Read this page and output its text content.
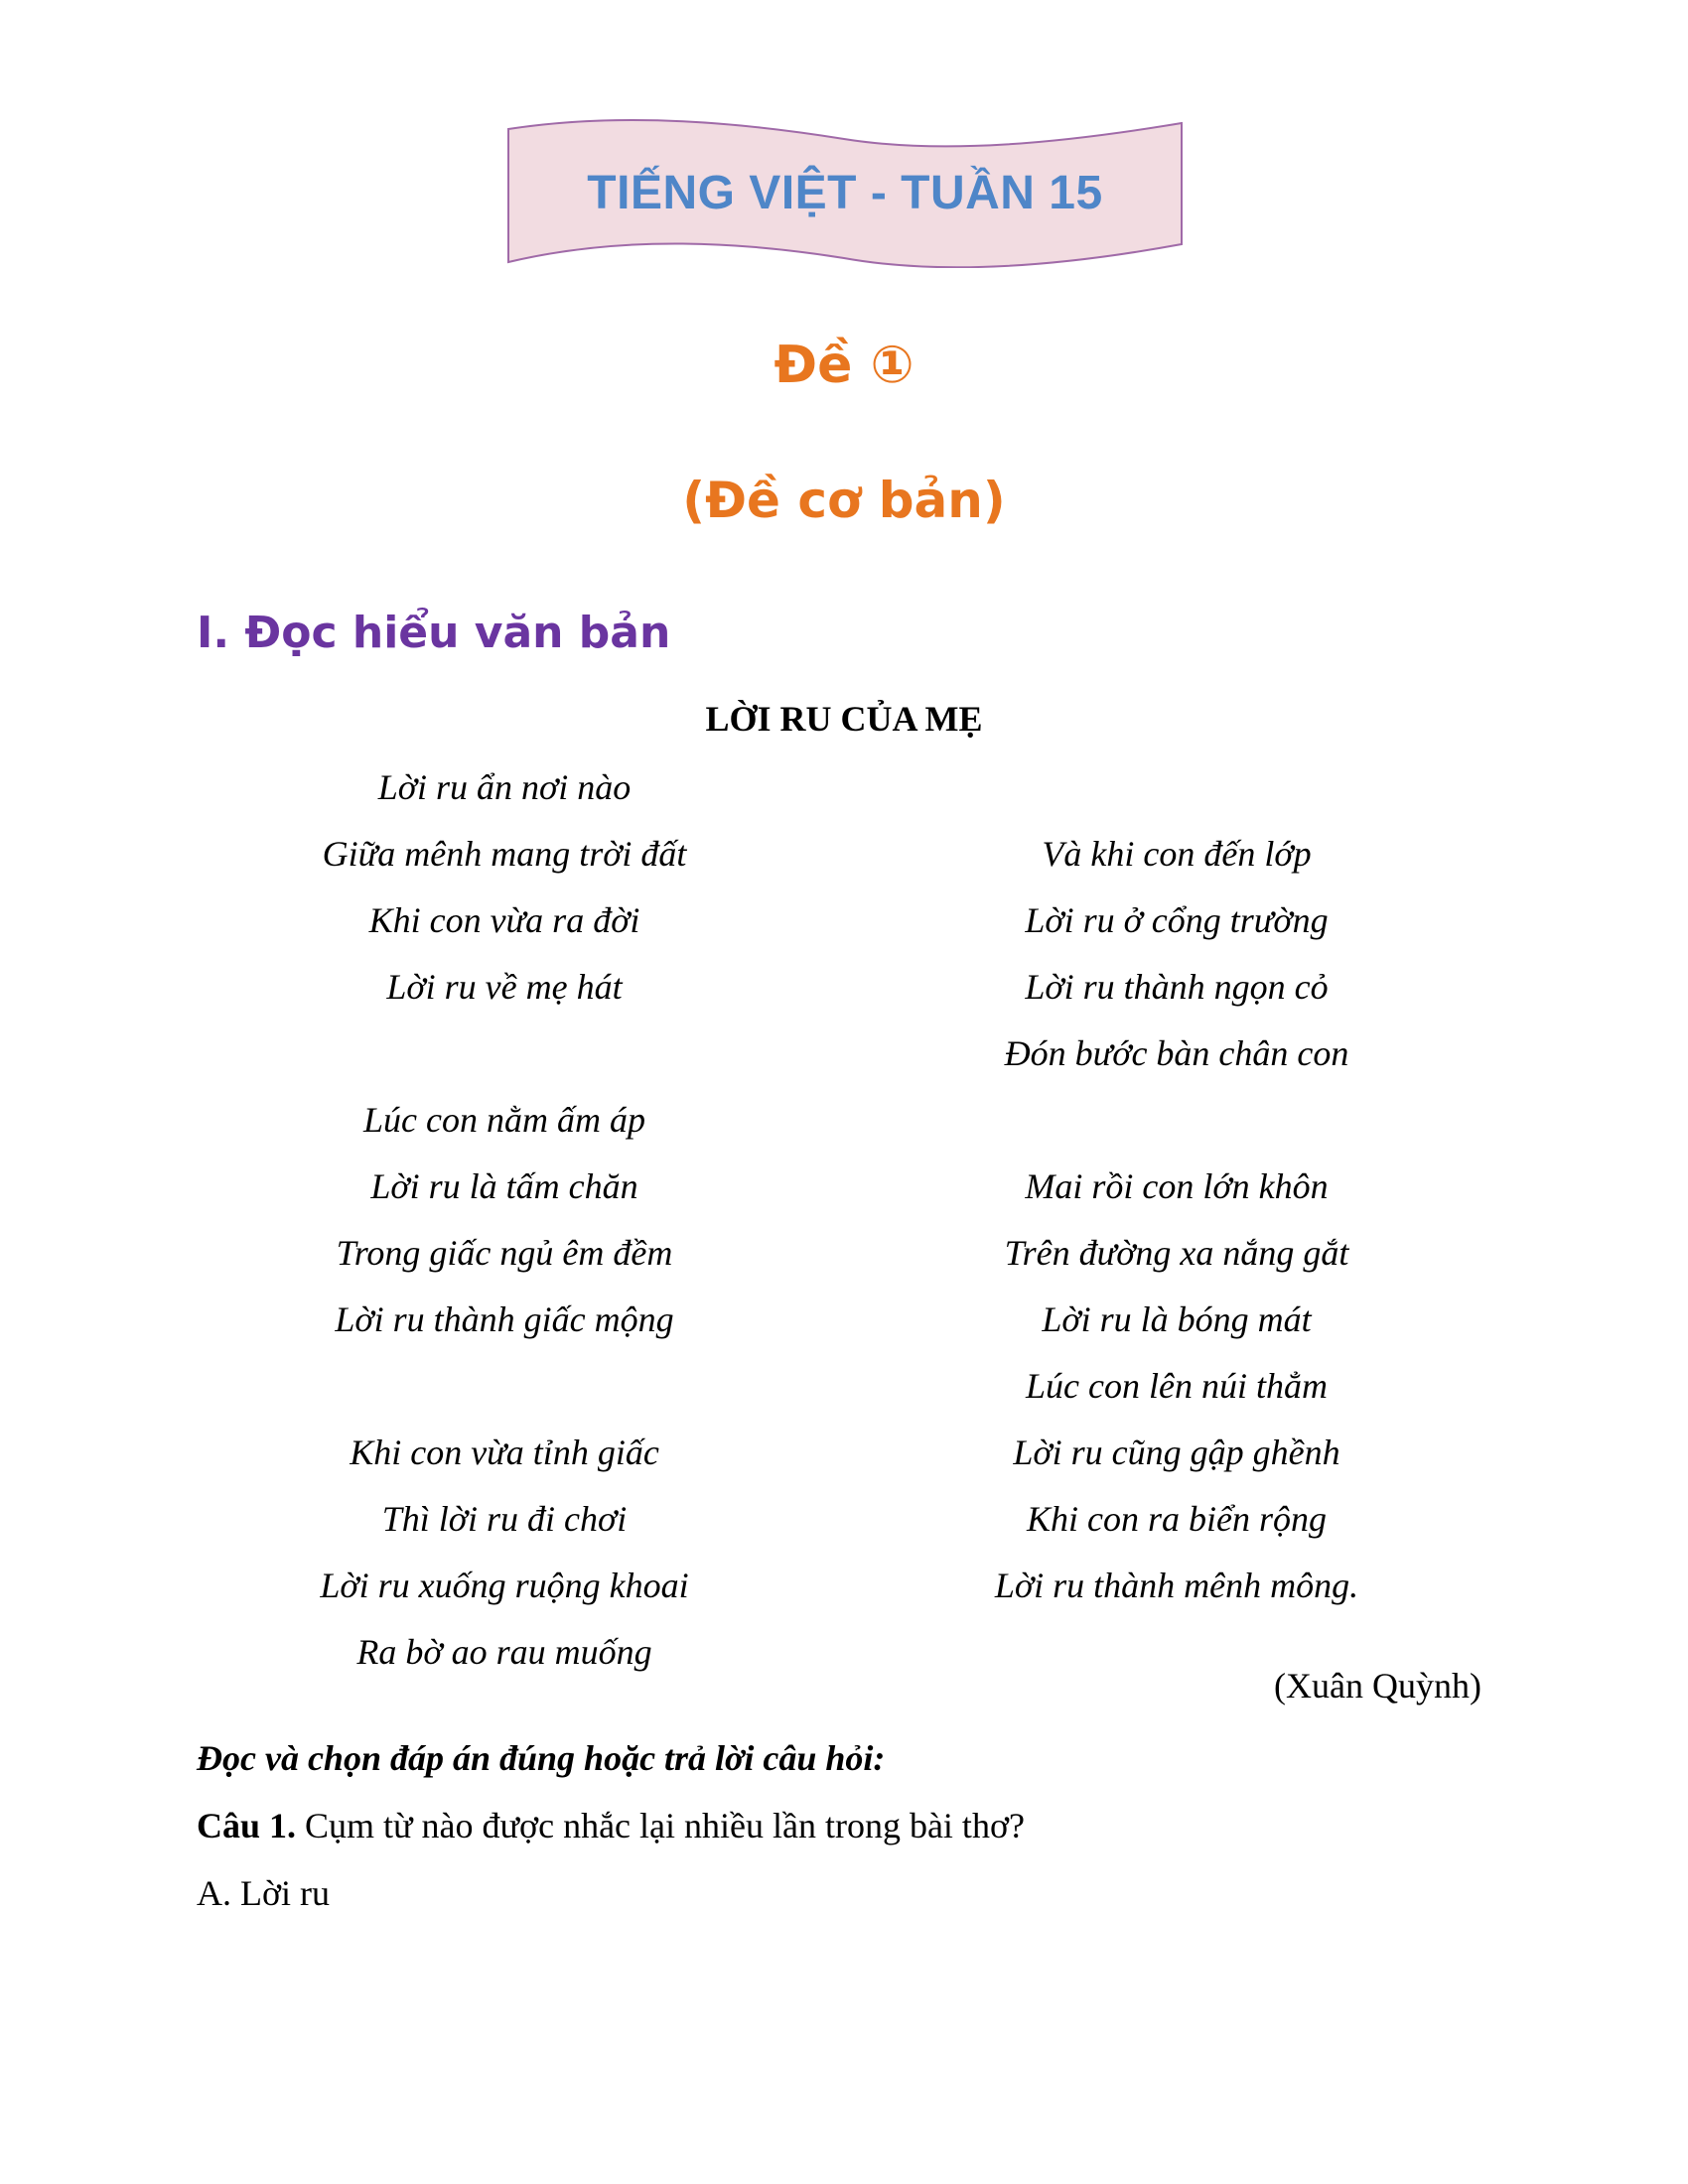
TIẾNG VIỆT - TUẦN 15
Đề ①
(Đề cơ bản)
I. Đọc hiểu văn bản
LỜI RU CỦA MẸ
Lời ru ẩn nơi nào
Giữa mênh mang trời đất
Khi con vừa ra đời
Lời ru về mẹ hát
Lúc con nằm ấm áp
Lời ru là tấm chăn
Trong giấc ngủ êm đềm
Lời ru thành giấc mộng
Khi con vừa tỉnh giấc
Thì lời ru đi chơi
Lời ru xuống ruộng khoai
Ra bờ ao rau muống
Và khi con đến lớp
Lời ru ở cổng trường
Lời ru thành ngọn cỏ
Đón bước bàn chân con
Mai rồi con lớn khôn
Trên đường xa nắng gắt
Lời ru là bóng mát
Lúc con lên núi thẳm
Lời ru cũng gập ghềnh
Khi con ra biển rộng
Lời ru thành mênh mông.
(Xuân Quỳnh)
Đọc và chọn đáp án đúng hoặc trả lời câu hỏi:
Câu 1. Cụm từ nào được nhắc lại nhiều lần trong bài thơ?
A. Lời ru
